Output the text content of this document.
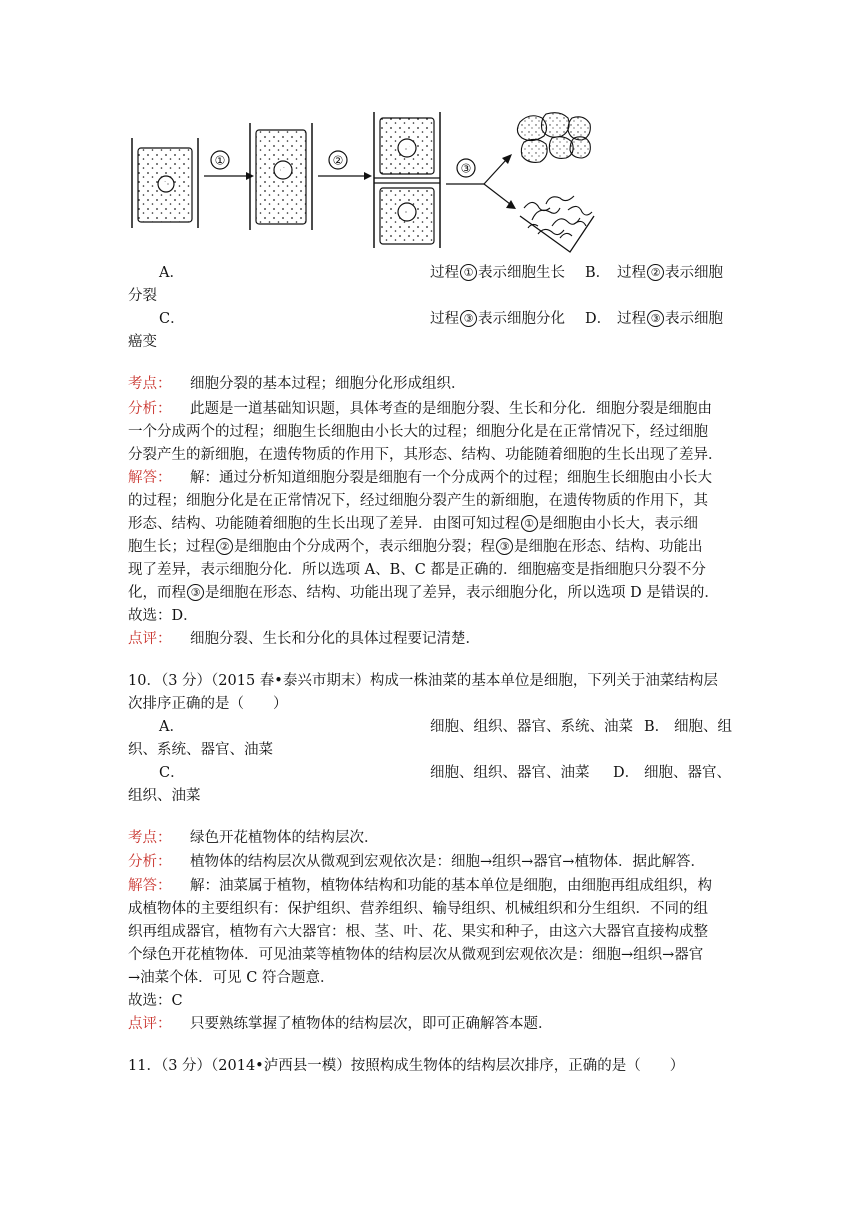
①	②
③
A．	过程 ① 表示细胞生长 B． 过程 ② 表示细胞
分裂
C．	过程 ③ 表示细胞分化 D． 过程 ③ 表示细胞
癌变
考点： 细胞分裂的基本过程；细胞分化形成组织．
分析： 此题是一道基础知识题，具体考查的是细胞分裂、生长和分化．细胞分裂是细胞由
一个分成两个的过程；细胞生长细胞由小长大的过程；细胞分化是在正常情况下，经过细胞
分裂产生的新细胞，在遗传物质的作用下，其形态、结构、功能随着细胞的生长出现了差异．
解答： 解：通过分析知道细胞分裂是细胞有一个分成两个的过程；细胞生长细胞由小长大
的过程；细胞分化是在正常情况下，经过细胞分裂产生的新细胞，在遗传物质的作用下，其
形态、结构、功能随着细胞的生长出现了差异．由图可知过程 ① 是细胞由小长大，表示细
胞生长；过程 ② 是细胞由个分成两个，表示细胞分裂；程 ③ 是细胞在形态、结构、功能出
现了差异，表示细胞分化．所以选项 A、B、C 都是正确的．细胞癌变是指细胞只分裂不分
化，而程 ③ 是细胞在形态、结构、功能出现了差异，表示细胞分化，所以选项 D 是错误的．
故选：D．
点评： 细胞分裂、生长和分化的具体过程要记清楚．
10．（3 分）（2015 春•泰兴市期末）构成一株油菜的基本单位是细胞，下列关于油菜结构层
次排序正确的是（　　）
A．	细胞、组织、器官、系统、油菜 B． 细胞、组
织、系统、器官、油菜
C．	细胞、组织、器官、油菜 D． 细胞、器官、
组织、油菜
考点： 绿色开花植物体的结构层次．
分析： 植物体的结构层次从微观到宏观依次是：细胞→组织→器官→植物体．据此解答．
解答： 解：油菜属于植物，植物体结构和功能的基本单位是细胞，由细胞再组成组织，构
成植物体的主要组织有：保护组织、营养组织、输导组织、机械组织和分生组织．不同的组
织再组成器官，植物有六大器官：根、茎、叶、花、果实和种子，由这六大器官直接构成整
个绿色开花植物体．可见油菜等植物体的结构层次从微观到宏观依次是：细胞→组织→器官
→油菜个体．可见 C 符合题意．
故选：C
点评： 只要熟练掌握了植物体的结构层次，即可正确解答本题．
11．（3 分）（2014•泸西县一模）按照构成生物体的结构层次排序，正确的是（　　）
